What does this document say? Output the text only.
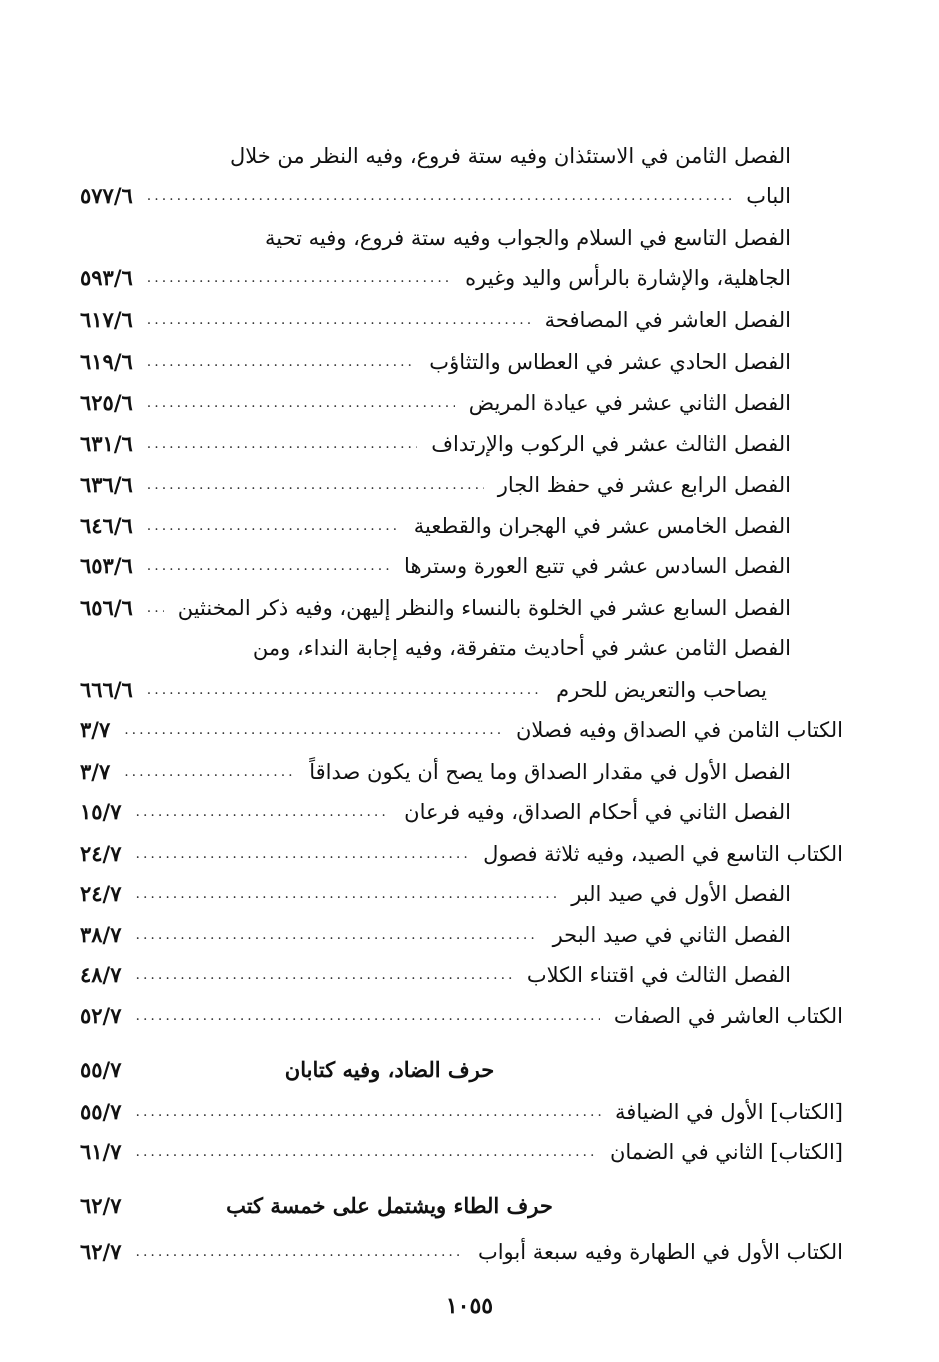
الفصل الثامن في الاستئذان وفيه ستة فروع، وفيه النظر من خلال
الباب
.....
٥٧٧/٦
الفصل التاسع في السلام والجواب وفيه ستة فروع، وفيه تحية
الجاهلية، والإشارة بالرأس واليد وغيره
.....
٥٩٣/٦
الفصل العاشر في المصافحة
.....
٦١٧/٦
الفصل الحادي عشر في العطاس والتثاؤب
.....
٦١٩/٦
الفصل الثاني عشر في عيادة المريض
.....
٦٢٥/٦
الفصل الثالث عشر في الركوب والإرتداف
.....
٦٣١/٦
الفصل الرابع عشر في حفظ الجار
.....
٦٣٦/٦
الفصل الخامس عشر في الهجران والقطعية
.....
٦٤٦/٦
الفصل السادس عشر في تتبع العورة وسترها
.....
٦٥٣/٦
الفصل السابع عشر في الخلوة بالنساء والنظر إليهن، وفيه ذكر المخنثين
.....
٦٥٦/٦
الفصل الثامن عشر في أحاديث متفرقة، وفيه إجابة النداء، ومن
يصاحب والتعريض للحرم
.....
٦٦٦/٦
الكتاب الثامن في الصداق وفيه فصلان
.....
٣/٧
الفصل الأول في مقدار الصداق وما يصح أن يكون صداقاً
.....
٣/٧
الفصل الثاني في أحكام الصداق، وفيه فرعان
.....
١٥/٧
الكتاب التاسع في الصيد، وفيه ثلاثة فصول
.....
٢٤/٧
الفصل الأول في صيد البر
.....
٢٤/٧
الفصل الثاني في صيد البحر
.....
٣٨/٧
الفصل الثالث في اقتناء الكلاب
.....
٤٨/٧
الكتاب العاشر في الصفات
.....
٥٢/٧
حرف الضاد، وفيه كتابان
٥٥/٧
[الكتاب] الأول في الضيافة
.....
٥٥/٧
[الكتاب] الثاني في الضمان
.....
٦١/٧
حرف الطاء ويشتمل على خمسة كتب
٦٢/٧
الكتاب الأول في الطهارة وفيه سبعة أبواب
.....
٦٢/٧
١٠٥٥
